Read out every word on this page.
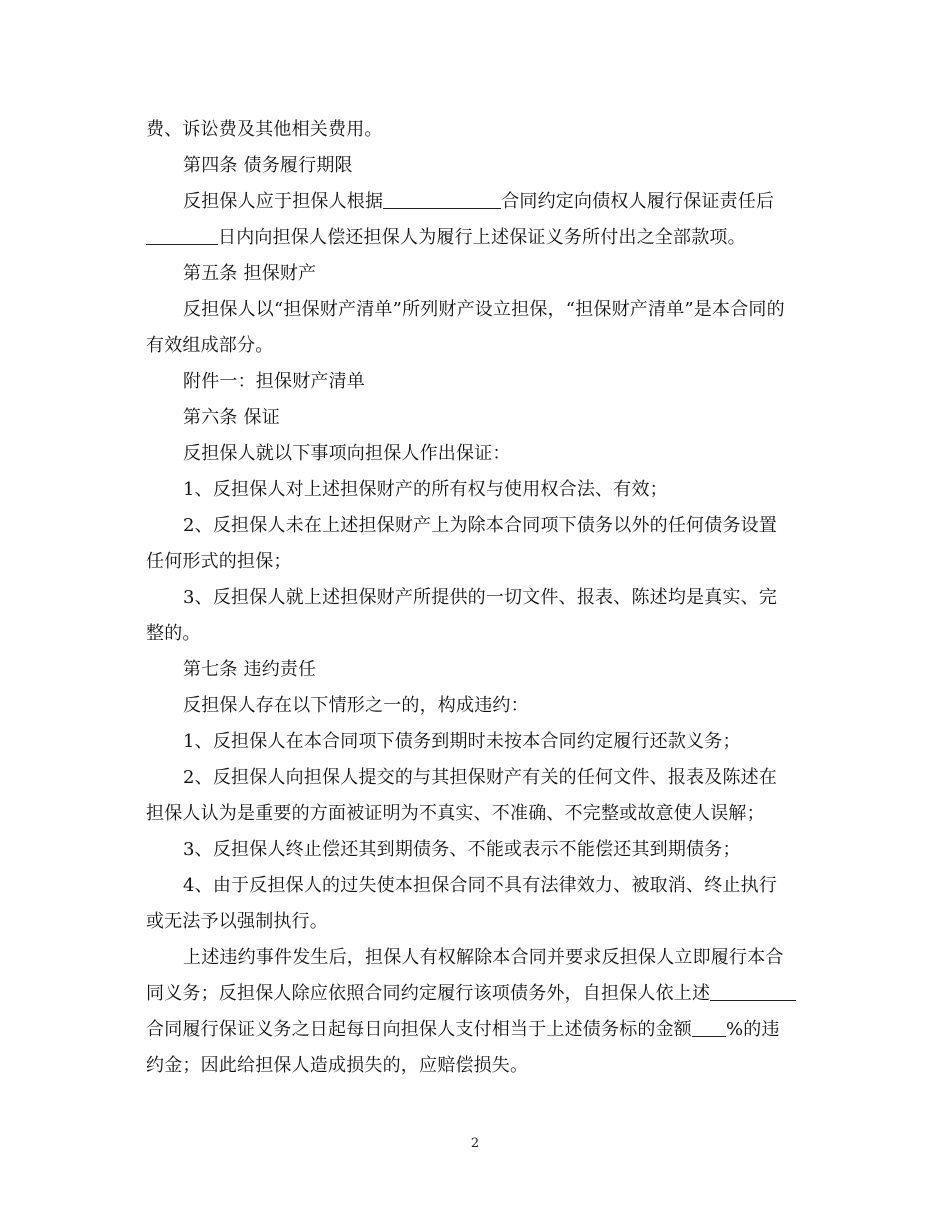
费、诉讼费及其他相关费用。
第四条 债务履行期限
反担保人应于担保人根据	合同约定向债权人履行保证责任后
日内向担保人偿还担保人为履行上述保证义务所付出之全部款项。
第五条 担保财产
反担保人以“担保财产清单”所列财产设立担保，“担保财产清单”是本合同的
有效组成部分。
附件一：担保财产清单
第六条 保证
反担保人就以下事项向担保人作出保证：
1、反担保人对上述担保财产的所有权与使用权合法、有效；
2、反担保人未在上述担保财产上为除本合同项下债务以外的任何债务设置
任何形式的担保；
3、反担保人就上述担保财产所提供的一切文件、报表、陈述均是真实、完
整的。
第七条 违约责任
反担保人存在以下情形之一的，构成违约：
1、反担保人在本合同项下债务到期时未按本合同约定履行还款义务；
2、反担保人向担保人提交的与其担保财产有关的任何文件、报表及陈述在
担保人认为是重要的方面被证明为不真实、不准确、不完整或故意使人误解；
3、反担保人终止偿还其到期债务、不能或表示不能偿还其到期债务；
4、由于反担保人的过失使本担保合同不具有法律效力、被取消、终止执行
或无法予以强制执行。
上述违约事件发生后，担保人有权解除本合同并要求反担保人立即履行本合
同义务；反担保人除应依照合同约定履行该项债务外，自担保人依上述
合同履行保证义务之日起每日向担保人支付相当于上述债务标的金额 %的违
约金；因此给担保人造成损失的，应赔偿损失。
2
